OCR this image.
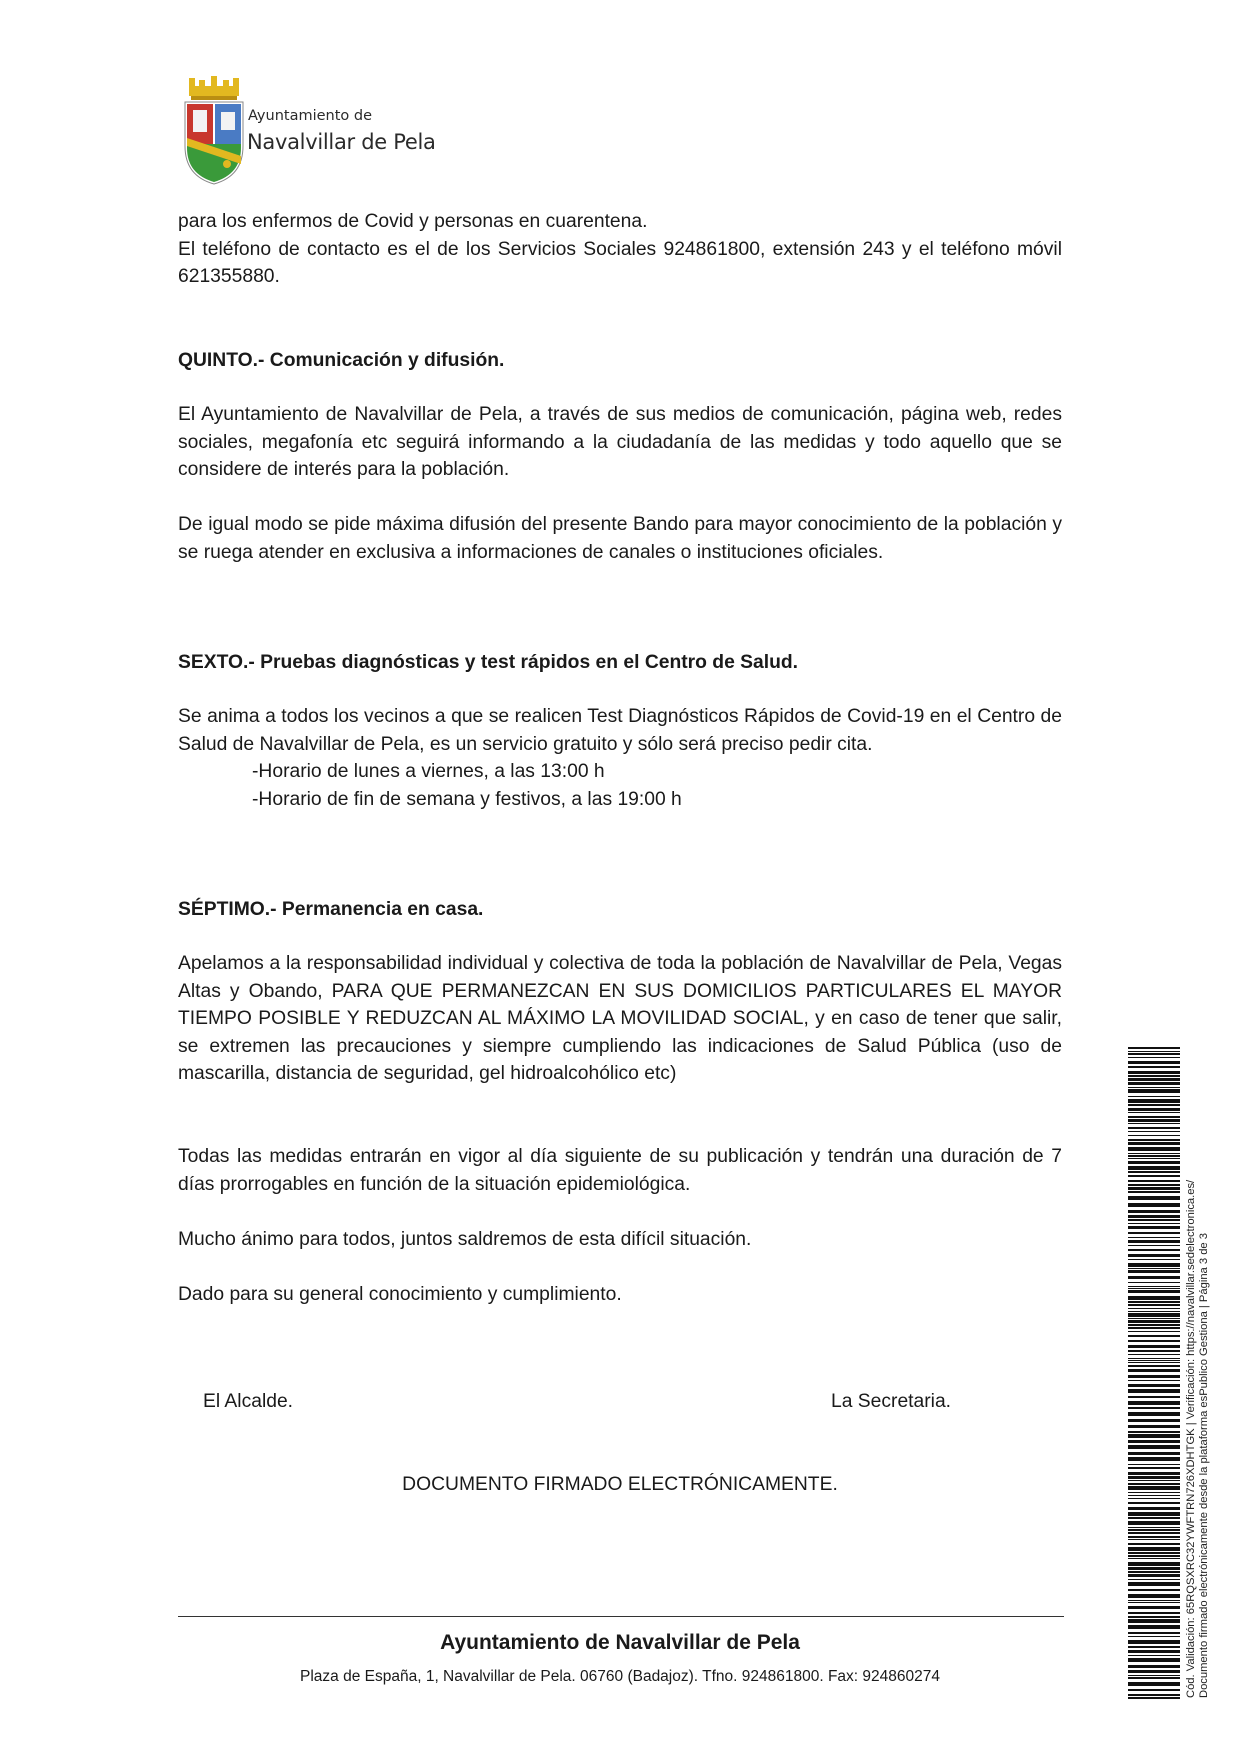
Ayuntamiento de
Navalvillar de Pela

para los enfermos de Covid y personas en cuarentena.

El teléfono de contacto es el de los Servicios Sociales 924861800, extensión 243 y el teléfono móvil 621355880.

QUINTO.- Comunicación y difusión.

El Ayuntamiento de Navalvillar de Pela, a través de sus medios de comunicación, página web, redes sociales, megafonía etc seguirá informando a la ciudadanía de las medidas y todo aquello que se considere de interés para la población.

De igual modo se pide máxima difusión del presente Bando para mayor conocimiento de la población y se ruega atender en exclusiva a informaciones de canales o instituciones oficiales.

SEXTO.- Pruebas diagnósticas y test rápidos en el Centro de Salud.

Se anima a todos los vecinos a que se realicen Test Diagnósticos Rápidos de Covid-19 en el Centro de Salud de Navalvillar de Pela, es un servicio gratuito y sólo será preciso pedir cita.

-Horario de lunes a viernes, a las 13:00 h

-Horario de fin de semana y festivos, a las 19:00 h

SÉPTIMO.- Permanencia en casa.

Apelamos a la responsabilidad individual y colectiva de toda la población de Navalvillar de Pela, Vegas Altas y Obando, PARA QUE PERMANEZCAN EN SUS DOMICILIOS PARTICULARES EL MAYOR TIEMPO POSIBLE Y REDUZCAN AL MÁXIMO LA MOVILIDAD SOCIAL, y en caso de tener que salir, se extremen las precauciones y siempre cumpliendo las indicaciones de Salud Pública (uso de mascarilla, distancia de seguridad, gel hidroalcohólico etc)

Todas las medidas entrarán en vigor al día siguiente de su publicación y tendrán una duración de 7 días prorrogables en función de la situación epidemiológica.

Mucho ánimo para todos, juntos saldremos de esta difícil situación.

Dado para su general conocimiento y cumplimiento.

El Alcalde.	La Secretaria.
DOCUMENTO FIRMADO ELECTRÓNICAMENTE.
Ayuntamiento de Navalvillar de Pela
Plaza de España, 1, Navalvillar de Pela. 06760 (Badajoz). Tfno. 924861800. Fax: 924860274	Cód. Validación: 65RQSXRC32YWFTRN726XDHTGK | Verificación: https://navalvillar.sedelectronica.es/ Documento firmado electrónicamente desde la plataforma esPublico Gestiona | Página 3 de 3
